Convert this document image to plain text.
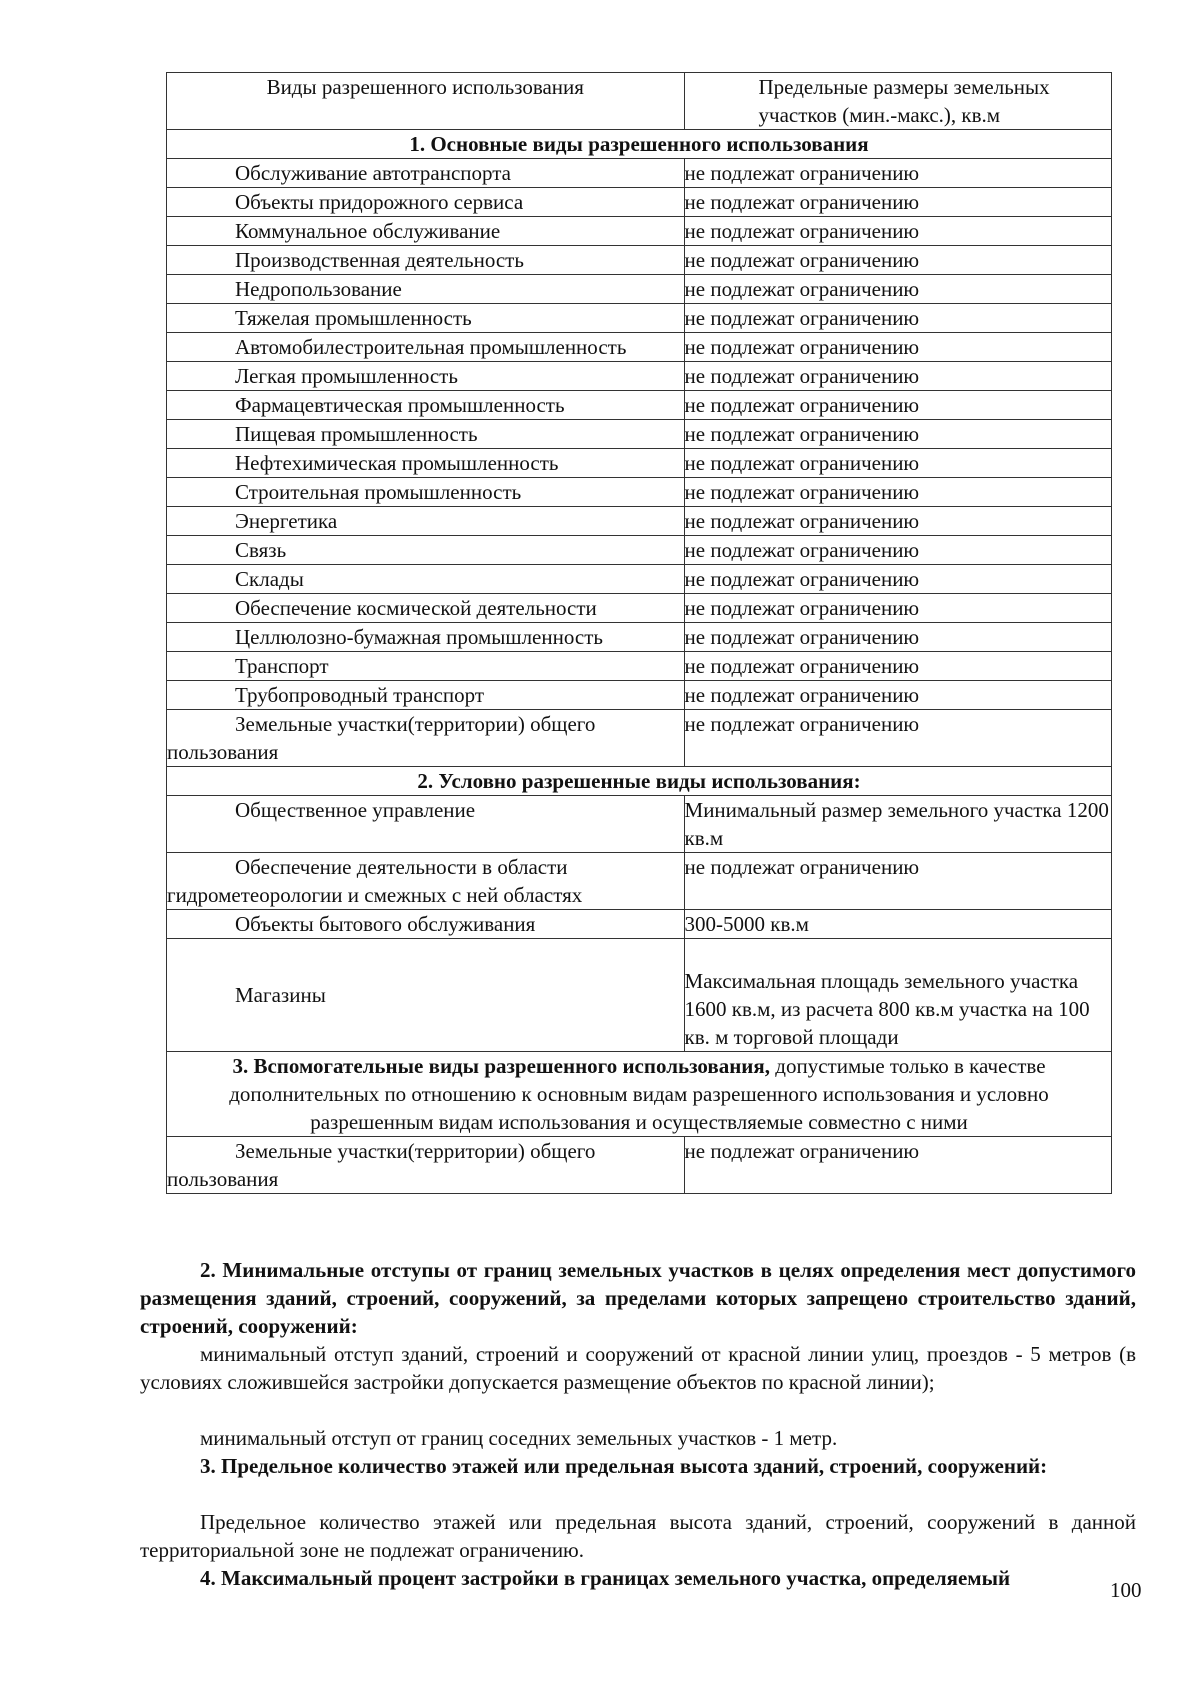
Виды разрешенного использования	Предельные размеры земельных
участков (мин.-макс.), кв.м

1. Основные виды разрешенного использования	
Обслуживание автотранспорта	не подлежат ограничению
Объекты придорожного сервиса	не подлежат ограничению
Коммунальное обслуживание	не подлежат ограничению
Производственная деятельность	не подлежат ограничению
Недропользование	не подлежат ограничению
Тяжелая промышленность	не подлежат ограничению
Автомобилестроительная промышленность	не подлежат ограничению
Легкая промышленность	не подлежат ограничению
Фармацевтическая промышленность	не подлежат ограничению
Пищевая промышленность	не подлежат ограничению
Нефтехимическая промышленность	не подлежат ограничению
Строительная промышленность	не подлежат ограничению
Энергетика	не подлежат ограничению
Связь	не подлежат ограничению
Склады	не подлежат ограничению
Обеспечение космической деятельности	не подлежат ограничению
Целлюлозно-бумажная промышленность	не подлежат ограничению
Транспорт	не подлежат ограничению
Трубопроводный транспорт	не подлежат ограничению
Земельные участки(территории) общего пользования	не подлежат ограничению
2. Условно разрешенные виды использования:	
Общественное управление	Минимальный размер земельного участка 1200 кв.м
Обеспечение деятельности в области гидрометеорологии и смежных с ней областях	не подлежат ограничению
Объекты бытового обслуживания	300-5000 кв.м
Магазины	Максимальная площадь земельного участка 1600 кв.м, из расчета 800 кв.м участка на 100 кв. м торговой площади
3. Вспомогательные виды разрешенного использования, допустимые только в качестве дополнительных по отношению к основным видам разрешенного использования и условно разрешенным видам использования и осуществляемые совместно с ними	
Земельные участки(территории) общего пользования	не подлежат ограничению
2. Минимальные отступы от границ земельных участков в целях определения мест допустимого размещения зданий, строений, сооружений, за пределами которых запрещено строительство зданий, строений, сооружений:
минимальный отступ зданий, строений и сооружений от красной линии улиц, проездов - 5 метров (в условиях сложившейся застройки допускается размещение объектов по красной линии);
минимальный отступ от границ соседних земельных участков - 1 метр.
3. Предельное количество этажей или предельная высота зданий, строений, сооружений:
Предельное количество этажей или предельная высота зданий, строений, сооружений в данной территориальной зоне не подлежат ограничению.
4. Максимальный процент застройки в границах земельного участка, определяемый	100
